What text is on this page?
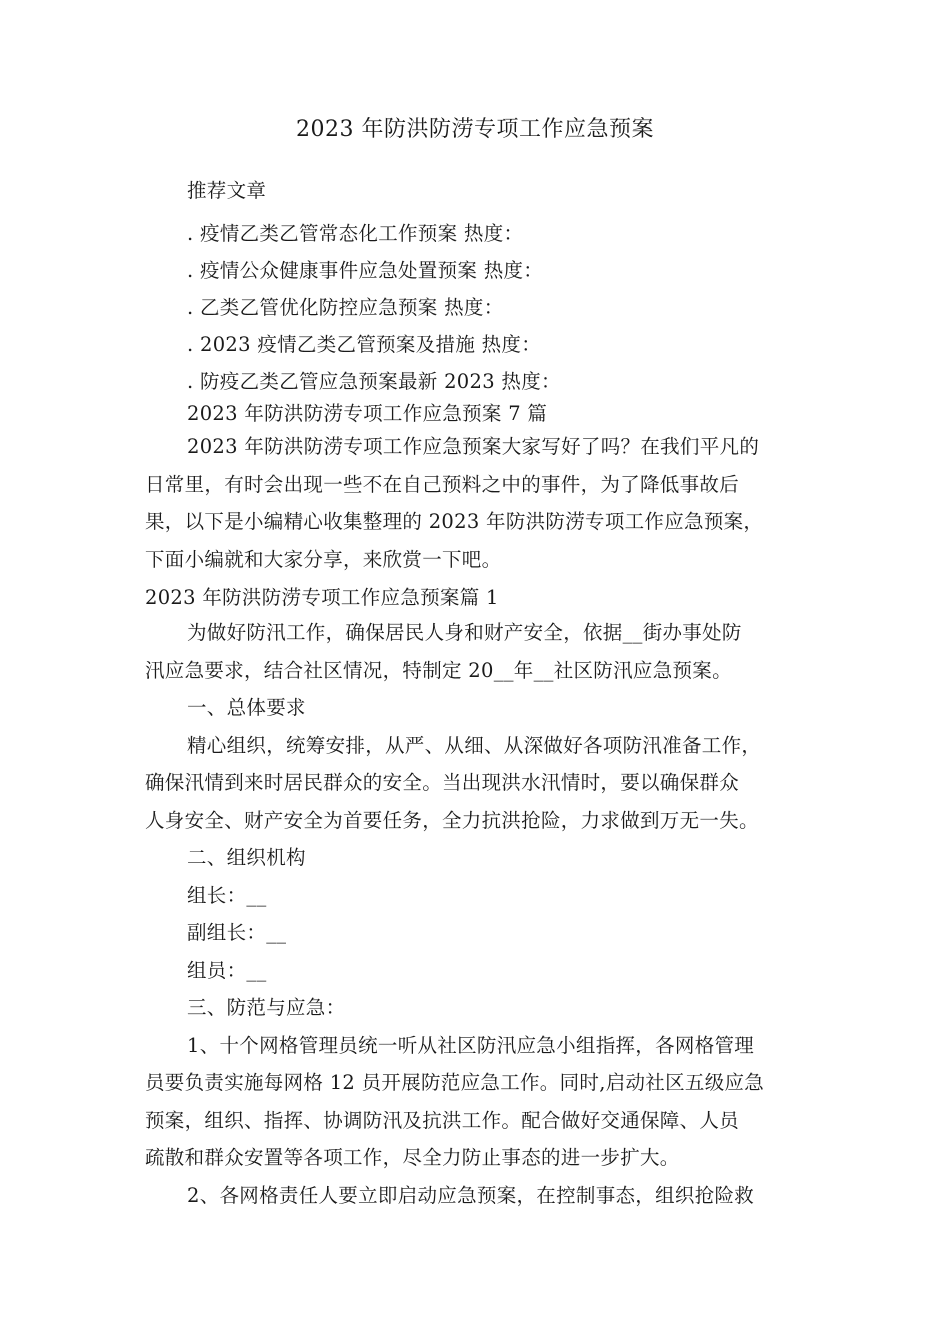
2023 年防洪防涝专项工作应急预案
推荐文章
. 疫情乙类乙管常态化工作预案 热度：
. 疫情公众健康事件应急处置预案 热度：
. 乙类乙管优化防控应急预案 热度：
. 2023 疫情乙类乙管预案及措施 热度：
. 防疫乙类乙管应急预案最新 2023 热度：
2023 年防洪防涝专项工作应急预案 7 篇
2023 年防洪防涝专项工作应急预案大家写好了吗？在我们平凡的
日常里，有时会出现一些不在自己预料之中的事件，为了降低事故后
果，以下是小编精心收集整理的 2023 年防洪防涝专项工作应急预案，
下面小编就和大家分享，来欣赏一下吧。
2023 年防洪防涝专项工作应急预案篇 1
为做好防汛工作，确保居民人身和财产安全，依据__街办事处防
汛应急要求，结合社区情况，特制定 20__年__社区防汛应急预案。
一、总体要求
精心组织，统筹安排，从严、从细、从深做好各项防汛准备工作，
确保汛情到来时居民群众的安全。当出现洪水汛情时，要以确保群众
人身安全、财产安全为首要任务，全力抗洪抢险，力求做到万无一失。
二、组织机构
组长：__
副组长：__
组员：__
三、防范与应急：
1、十个网格管理员统一听从社区防汛应急小组指挥，各网格管理
员要负责实施每网格 12 员开展防范应急工作。同时,启动社区五级应急
预案，组织、指挥、协调防汛及抗洪工作。配合做好交通保障、人员
疏散和群众安置等各项工作，尽全力防止事态的进一步扩大。
2、各网格责任人要立即启动应急预案，在控制事态，组织抢险救
